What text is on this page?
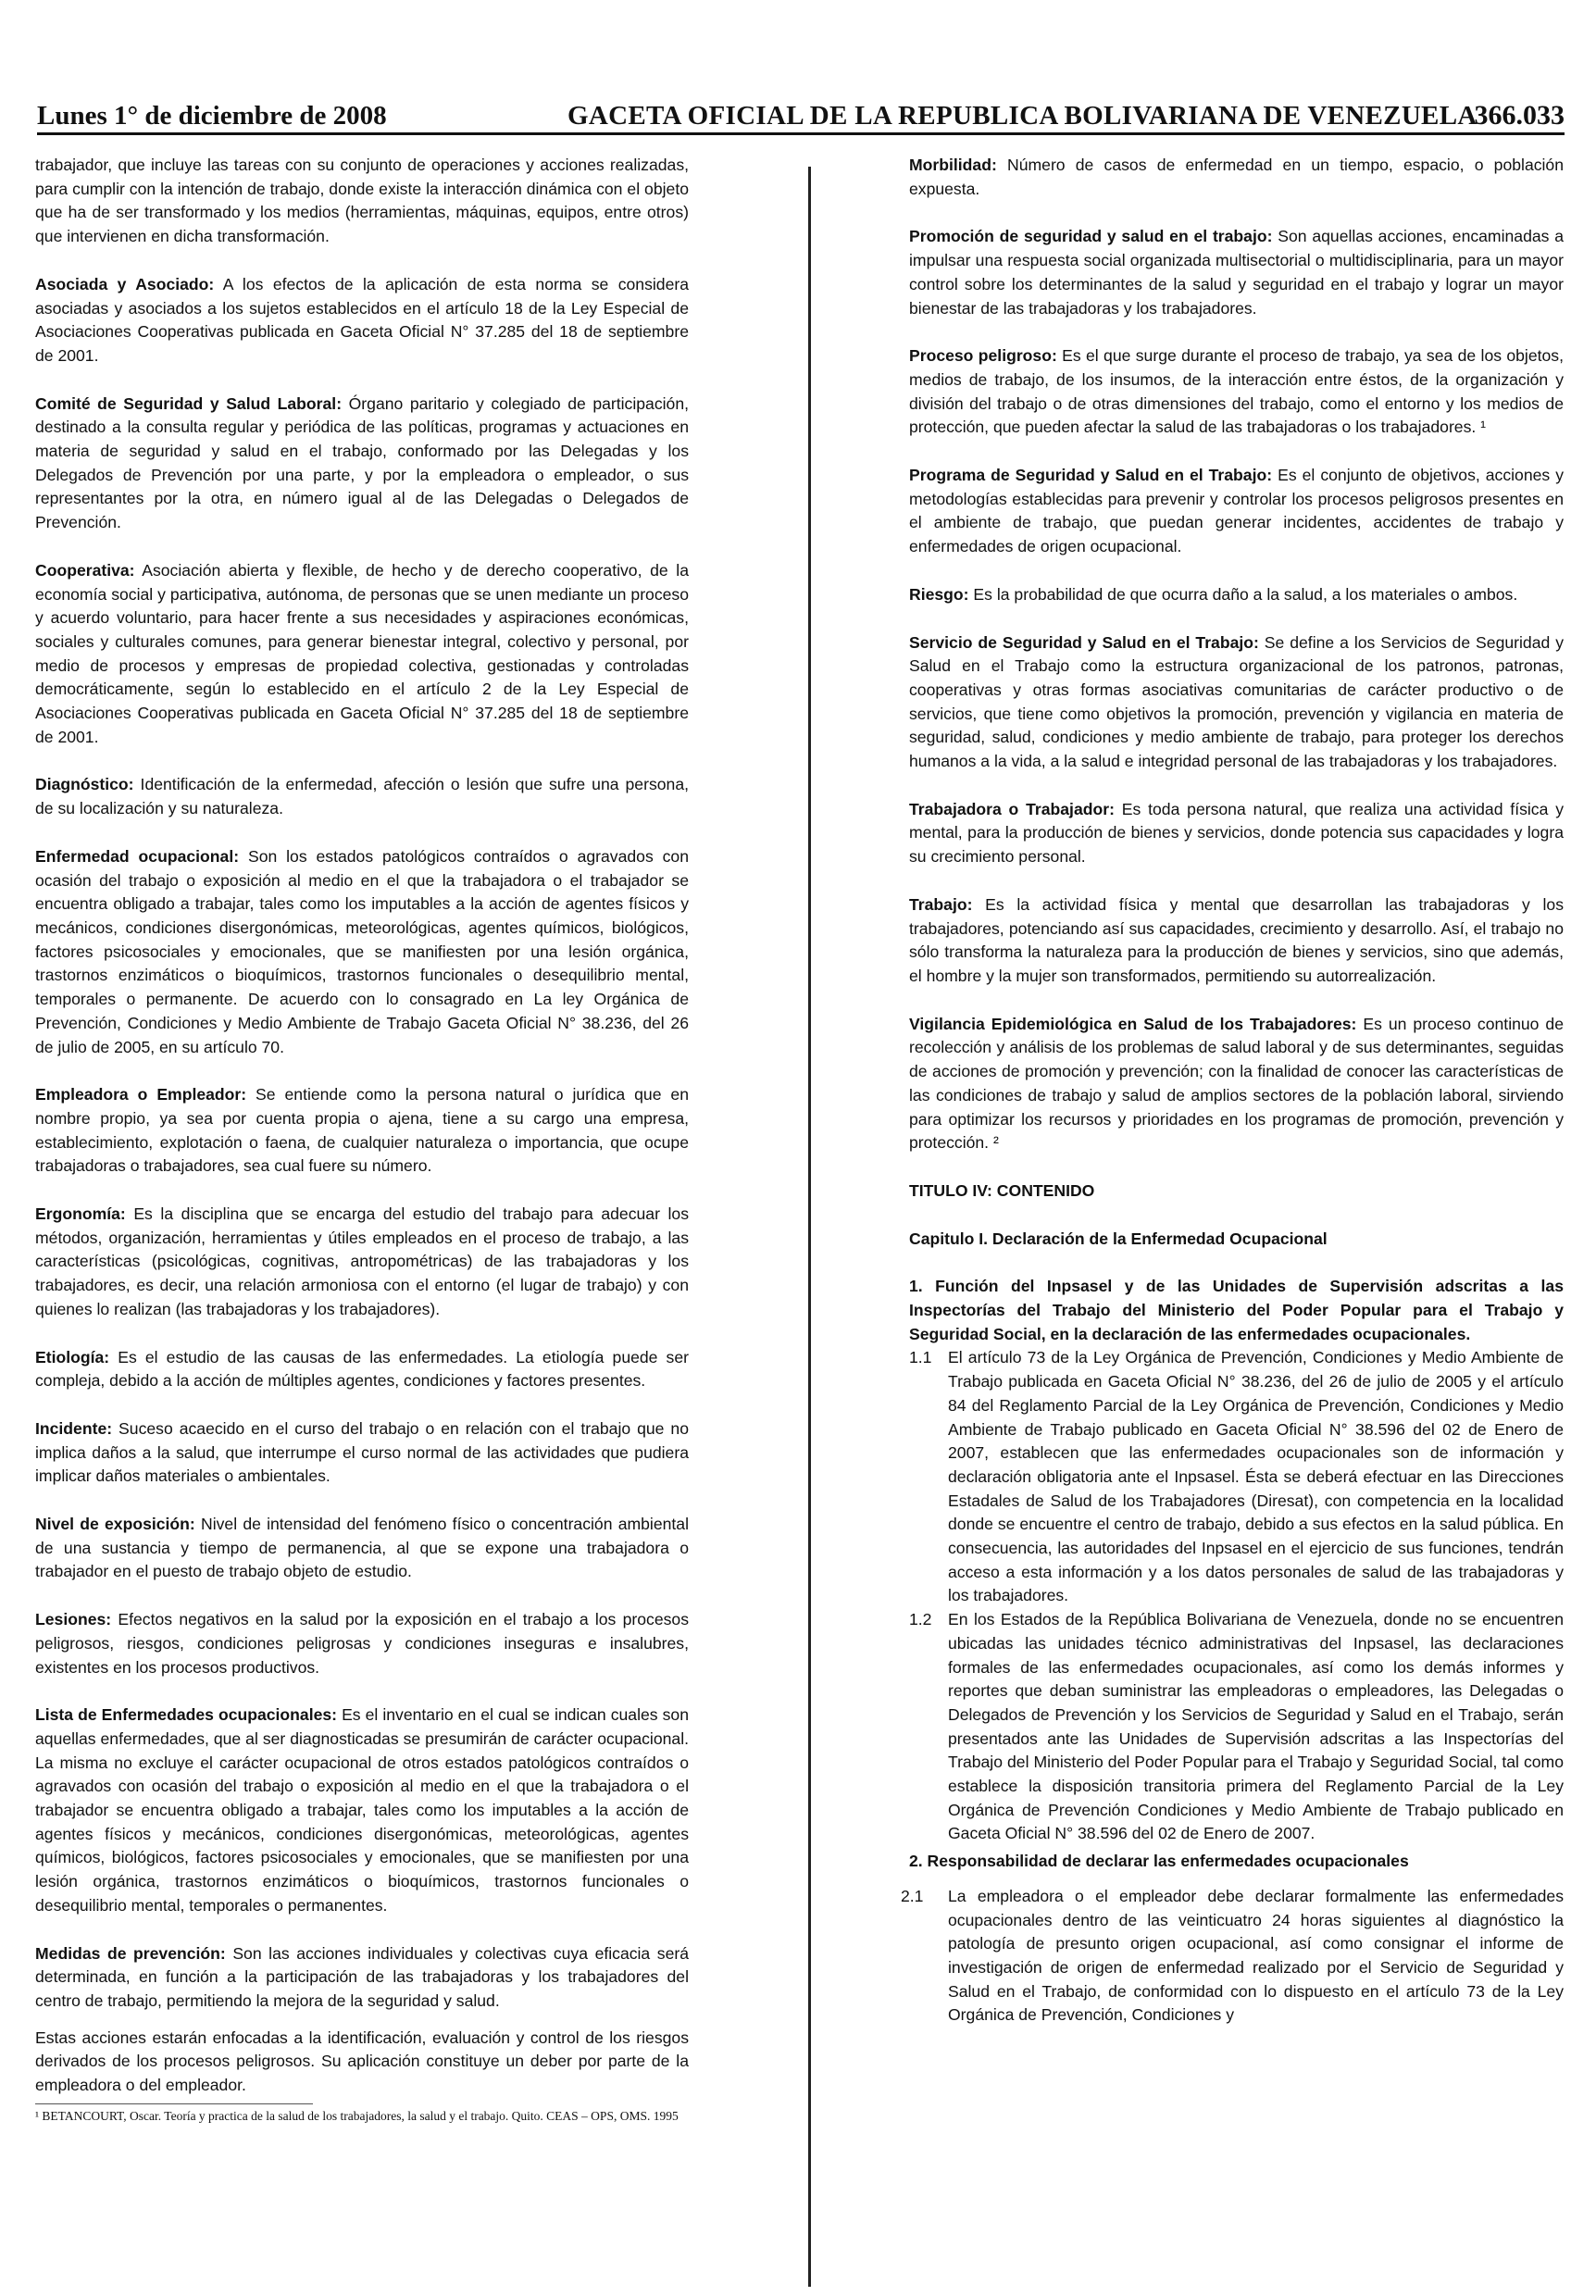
Lunes 1° de diciembre de 2008	GACETA OFICIAL DE LA REPUBLICA BOLIVARIANA DE VENEZUELA
366.033

trabajador, que incluye las tareas con su conjunto de operaciones y acciones realizadas, para cumplir con la intención de trabajo, donde existe la interacción dinámica con el objeto que ha de ser transformado y los medios (herramientas, máquinas, equipos, entre otros) que intervienen en dicha transformación.

Asociada y Asociado: A los efectos de la aplicación de esta norma se considera asociadas y asociados a los sujetos establecidos en el artículo 18 de la Ley Especial de Asociaciones Cooperativas publicada en Gaceta Oficial N° 37.285 del 18 de septiembre de 2001.

Comité de Seguridad y Salud Laboral: Órgano paritario y colegiado de participación, destinado a la consulta regular y periódica de las políticas, programas y actuaciones en materia de seguridad y salud en el trabajo, conformado por las Delegadas y los Delegados de Prevención por una parte, y por la empleadora o empleador, o sus representantes por la otra, en número igual al de las Delegadas o Delegados de Prevención.

Cooperativa: Asociación abierta y flexible, de hecho y de derecho cooperativo, de la economía social y participativa, autónoma, de personas que se unen mediante un proceso y acuerdo voluntario, para hacer frente a sus necesidades y aspiraciones económicas, sociales y culturales comunes, para generar bienestar integral, colectivo y personal, por medio de procesos y empresas de propiedad colectiva, gestionadas y controladas democráticamente, según lo establecido en el artículo 2 de la Ley Especial de Asociaciones Cooperativas publicada en Gaceta Oficial N° 37.285 del 18 de septiembre de 2001.

Diagnóstico: Identificación de la enfermedad, afección o lesión que sufre una persona, de su localización y su naturaleza.

Enfermedad ocupacional: Son los estados patológicos contraídos o agravados con ocasión del trabajo o exposición al medio en el que la trabajadora o el trabajador se encuentra obligado a trabajar, tales como los imputables a la acción de agentes físicos y mecánicos, condiciones disergonómicas, meteorológicas, agentes químicos, biológicos, factores psicosociales y emocionales, que se manifiesten por una lesión orgánica, trastornos enzimáticos o bioquímicos, trastornos funcionales o desequilibrio mental, temporales o permanente. De acuerdo con lo consagrado en La ley Orgánica de Prevención, Condiciones y Medio Ambiente de Trabajo Gaceta Oficial N° 38.236, del 26 de julio de 2005, en su artículo 70.

Empleadora o Empleador: Se entiende como la persona natural o jurídica que en nombre propio, ya sea por cuenta propia o ajena, tiene a su cargo una empresa, establecimiento, explotación o faena, de cualquier naturaleza o importancia, que ocupe trabajadoras o trabajadores, sea cual fuere su número.

Ergonomía: Es la disciplina que se encarga del estudio del trabajo para adecuar los métodos, organización, herramientas y útiles empleados en el proceso de trabajo, a las características (psicológicas, cognitivas, antropométricas) de las trabajadoras y los trabajadores, es decir, una relación armoniosa con el entorno (el lugar de trabajo) y con quienes lo realizan (las trabajadoras y los trabajadores).

Etiología: Es el estudio de las causas de las enfermedades. La etiología puede ser compleja, debido a la acción de múltiples agentes, condiciones y factores presentes.

Incidente: Suceso acaecido en el curso del trabajo o en relación con el trabajo que no implica daños a la salud, que interrumpe el curso normal de las actividades que pudiera implicar daños materiales o ambientales.

Nivel de exposición: Nivel de intensidad del fenómeno físico o concentración ambiental de una sustancia y tiempo de permanencia, al que se expone una trabajadora o trabajador en el puesto de trabajo objeto de estudio.

Lesiones: Efectos negativos en la salud por la exposición en el trabajo a los procesos peligrosos, riesgos, condiciones peligrosas y condiciones inseguras e insalubres, existentes en los procesos productivos.

Lista de Enfermedades ocupacionales: Es el inventario en el cual se indican cuales son aquellas enfermedades, que al ser diagnosticadas se presumirán de carácter ocupacional. La misma no excluye el carácter ocupacional de otros estados patológicos contraídos o agravados con ocasión del trabajo o exposición al medio en el que la trabajadora o el trabajador se encuentra obligado a trabajar, tales como los imputables a la acción de agentes físicos y mecánicos, condiciones disergonómicas, meteorológicas, agentes químicos, biológicos, factores psicosociales y emocionales, que se manifiesten por una lesión orgánica, trastornos enzimáticos o bioquímicos, trastornos funcionales o desequilibrio mental, temporales o permanentes.

Medidas de prevención: Son las acciones individuales y colectivas cuya eficacia será determinada, en función a la participación de las trabajadoras y los trabajadores del centro de trabajo, permitiendo la mejora de la seguridad y salud.

Estas acciones estarán enfocadas a la identificación, evaluación y control de los riesgos derivados de los procesos peligrosos. Su aplicación constituye un deber por parte de la empleadora o del empleador.

¹ BETANCOURT, Oscar. Teoría y practica de la salud de los trabajadores, la salud y el trabajo. Quito. CEAS – OPS, OMS. 1995

Morbilidad: Número de casos de enfermedad en un tiempo, espacio, o población expuesta.

Promoción de seguridad y salud en el trabajo: Son aquellas acciones, encaminadas a impulsar una respuesta social organizada multisectorial o multidisciplinaria, para un mayor control sobre los determinantes de la salud y seguridad en el trabajo y lograr un mayor bienestar de las trabajadoras y los trabajadores.

Proceso peligroso: Es el que surge durante el proceso de trabajo, ya sea de los objetos, medios de trabajo, de los insumos, de la interacción entre éstos, de la organización y división del trabajo o de otras dimensiones del trabajo, como el entorno y los medios de protección, que pueden afectar la salud de las trabajadoras o los trabajadores. ¹

Programa de Seguridad y Salud en el Trabajo: Es el conjunto de objetivos, acciones y metodologías establecidas para prevenir y controlar los procesos peligrosos presentes en el ambiente de trabajo, que puedan generar incidentes, accidentes de trabajo y enfermedades de origen ocupacional.

Riesgo: Es la probabilidad de que ocurra daño a la salud, a los materiales o ambos.

Servicio de Seguridad y Salud en el Trabajo: Se define a los Servicios de Seguridad y Salud en el Trabajo como la estructura organizacional de los patronos, patronas, cooperativas y otras formas asociativas comunitarias de carácter productivo o de servicios, que tiene como objetivos la promoción, prevención y vigilancia en materia de seguridad, salud, condiciones y medio ambiente de trabajo, para proteger los derechos humanos a la vida, a la salud e integridad personal de las trabajadoras y los trabajadores.

Trabajadora o Trabajador: Es toda persona natural, que realiza una actividad física y mental, para la producción de bienes y servicios, donde potencia sus capacidades y logra su crecimiento personal.

Trabajo: Es la actividad física y mental que desarrollan las trabajadoras y los trabajadores, potenciando así sus capacidades, crecimiento y desarrollo. Así, el trabajo no sólo transforma la naturaleza para la producción de bienes y servicios, sino que además, el hombre y la mujer son transformados, permitiendo su autorrealización.

Vigilancia Epidemiológica en Salud de los Trabajadores: Es un proceso continuo de recolección y análisis de los problemas de salud laboral y de sus determinantes, seguidas de acciones de promoción y prevención; con la finalidad de conocer las características de las condiciones de trabajo y salud de amplios sectores de la población laboral, sirviendo para optimizar los recursos y prioridades en los programas de promoción, prevención y protección. ²

TITULO IV: CONTENIDO

Capitulo I. Declaración de la Enfermedad Ocupacional

1. Función del Inpsasel y de las Unidades de Supervisión adscritas a las Inspectorías del Trabajo del Ministerio del Poder Popular para el Trabajo y Seguridad Social, en la declaración de las enfermedades ocupacionales.

1.1 El artículo 73 de la Ley Orgánica de Prevención, Condiciones y Medio Ambiente de Trabajo publicada en Gaceta Oficial N° 38.236, del 26 de julio de 2005 y el artículo 84 del Reglamento Parcial de la Ley Orgánica de Prevención, Condiciones y Medio Ambiente de Trabajo publicado en Gaceta Oficial N° 38.596 del 02 de Enero de 2007, establecen que las enfermedades ocupacionales son de información y declaración obligatoria ante el Inpsasel. Ésta se deberá efectuar en las Direcciones Estadales de Salud de los Trabajadores (Diresat), con competencia en la localidad donde se encuentre el centro de trabajo, debido a sus efectos en la salud pública. En consecuencia, las autoridades del Inpsasel en el ejercicio de sus funciones, tendrán acceso a esta información y a los datos personales de salud de las trabajadoras y los trabajadores.
1.2 En los Estados de la República Bolivariana de Venezuela, donde no se encuentren ubicadas las unidades técnico administrativas del Inpsasel, las declaraciones formales de las enfermedades ocupacionales, así como los demás informes y reportes que deban suministrar las empleadoras o empleadores, las Delegadas o Delegados de Prevención y los Servicios de Seguridad y Salud en el Trabajo, serán presentados ante las Unidades de Supervisión adscritas a las Inspectorías del Trabajo del Ministerio del Poder Popular para el Trabajo y Seguridad Social, tal como establece la disposición transitoria primera del Reglamento Parcial de la Ley Orgánica de Prevención Condiciones y Medio Ambiente de Trabajo publicado en Gaceta Oficial N° 38.596 del 02 de Enero de 2007.

2. Responsabilidad de declarar las enfermedades ocupacionales

2.1 La empleadora o el empleador debe declarar formalmente las enfermedades ocupacionales dentro de las veinticuatro 24 horas siguientes al diagnóstico la patología de presunto origen ocupacional, así como consignar el informe de investigación de origen de enfermedad realizado por el Servicio de Seguridad y Salud en el Trabajo, de conformidad con lo dispuesto en el artículo 73 de la Ley Orgánica de Prevención, Condiciones y
